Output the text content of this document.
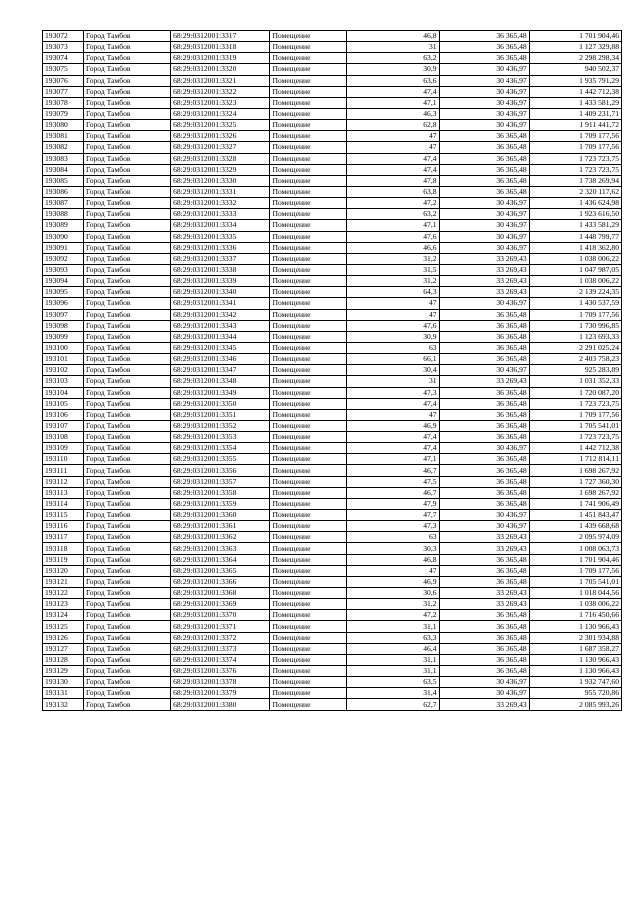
193072	Город Тамбов	68:29:0312001:3317	Помещение	46,8	36 365,48	1 701 904,46
193073	Город Тамбов	68:29:0312001:3318	Помещение	31	36 365,48	1 127 329,88
193074	Город Тамбов	68:29:0312001:3319	Помещение	63,2	36 365,48	2 298 298,34
193075	Город Тамбов	68:29:0312001:3320	Помещение	30,9	30 436,97	940 502,37
193076	Город Тамбов	68:29:0312001:3321	Помещение	63,6	30 436,97	1 935 791,29
193077	Город Тамбов	68:29:0312001:3322	Помещение	47,4	30 436,97	1 442 712,38
193078	Город Тамбов	68:29:0312001:3323	Помещение	47,1	30 436,97	1 433 581,29
193079	Город Тамбов	68:29:0312001:3324	Помещение	46,3	30 436,97	1 409 231,71
193080	Город Тамбов	68:29:0312001:3325	Помещение	62,8	30 436,97	1 911 441,72
193081	Город Тамбов	68:29:0312001:3326	Помещение	47	36 365,48	1 709 177,56
193082	Город Тамбов	68:29:0312001:3327	Помещение	47	36 365,48	1 709 177,56
193083	Город Тамбов	68:29:0312001:3328	Помещение	47,4	36 365,48	1 723 723,75
193084	Город Тамбов	68:29:0312001:3329	Помещение	47,4	36 365,48	1 723 723,75
193085	Город Тамбов	68:29:0312001:3330	Помещение	47,8	36 365,48	1 738 269,94
193086	Город Тамбов	68:29:0312001:3331	Помещение	63,8	36 365,48	2 320 117,62
193087	Город Тамбов	68:29:0312001:3332	Помещение	47,2	30 436,97	1 436 624,98
193088	Город Тамбов	68:29:0312001:3333	Помещение	63,2	30 436,97	1 923 616,50
193089	Город Тамбов	68:29:0312001:3334	Помещение	47,1	30 436,97	1 433 581,29
193090	Город Тамбов	68:29:0312001:3335	Помещение	47,6	30 436,97	1 448 799,77
193091	Город Тамбов	68:29:0312001:3336	Помещение	46,6	30 436,97	1 418 362,80
193092	Город Тамбов	68:29:0312001:3337	Помещение	31,2	33 269,43	1 038 006,22
193093	Город Тамбов	68:29:0312001:3338	Помещение	31,5	33 269,43	1 047 987,05
193094	Город Тамбов	68:29:0312001:3339	Помещение	31,2	33 269,43	1 038 006,22
193095	Город Тамбов	68:29:0312001:3340	Помещение	64,3	33 269,43	2 139 224,35
193096	Город Тамбов	68:29:0312001:3341	Помещение	47	30 436,97	1 430 537,59
193097	Город Тамбов	68:29:0312001:3342	Помещение	47	36 365,48	1 709 177,56
193098	Город Тамбов	68:29:0312001:3343	Помещение	47,6	36 365,48	1 730 996,85
193099	Город Тамбов	68:29:0312001:3344	Помещение	30,9	36 365,48	1 123 693,33
193100	Город Тамбов	68:29:0312001:3345	Помещение	63	36 365,48	2 291 025,24
193101	Город Тамбов	68:29:0312001:3346	Помещение	66,1	36 365,48	2 403 758,23
193102	Город Тамбов	68:29:0312001:3347	Помещение	30,4	30 436,97	925 283,89
193103	Город Тамбов	68:29:0312001:3348	Помещение	31	33 269,43	1 031 352,33
193104	Город Тамбов	68:29:0312001:3349	Помещение	47,3	36 365,48	1 720 087,20
193105	Город Тамбов	68:29:0312001:3350	Помещение	47,4	36 365,48	1 723 723,75
193106	Город Тамбов	68:29:0312001:3351	Помещение	47	36 365,48	1 709 177,56
193107	Город Тамбов	68:29:0312001:3352	Помещение	46,9	36 365,48	1 705 541,01
193108	Город Тамбов	68:29:0312001:3353	Помещение	47,4	36 365,48	1 723 723,75
193109	Город Тамбов	68:29:0312001:3354	Помещение	47,4	30 436,97	1 442 712,38
193110	Город Тамбов	68:29:0312001:3355	Помещение	47,1	36 365,48	1 712 814,11
193111	Город Тамбов	68:29:0312001:3356	Помещение	46,7	36 365,48	1 698 267,92
193112	Город Тамбов	68:29:0312001:3357	Помещение	47,5	36 365,48	1 727 360,30
193113	Город Тамбов	68:29:0312001:3358	Помещение	46,7	36 365,48	1 698 267,92
193114	Город Тамбов	68:29:0312001:3359	Помещение	47,9	36 365,48	1 741 906,49
193115	Город Тамбов	68:29:0312001:3360	Помещение	47,7	30 436,97	1 451 843,47
193116	Город Тамбов	68:29:0312001:3361	Помещение	47,3	30 436,97	1 439 668,68
193117	Город Тамбов	68:29:0312001:3362	Помещение	63	33 269,43	2 095 974,09
193118	Город Тамбов	68:29:0312001:3363	Помещение	30,3	33 269,43	1 008 063,73
193119	Город Тамбов	68:29:0312001:3364	Помещение	46,8	36 365,48	1 701 904,46
193120	Город Тамбов	68:29:0312001:3365	Помещение	47	36 365,48	1 709 177,56
193121	Город Тамбов	68:29:0312001:3366	Помещение	46,9	36 365,48	1 705 541,01
193122	Город Тамбов	68:29:0312001:3368	Помещение	30,6	33 269,43	1 018 044,56
193123	Город Тамбов	68:29:0312001:3369	Помещение	31,2	33 269,43	1 038 006,22
193124	Город Тамбов	68:29:0312001:3370	Помещение	47,2	36 365,48	1 716 450,66
193125	Город Тамбов	68:29:0312001:3371	Помещение	31,1	36 365,48	1 130 966,43
193126	Город Тамбов	68:29:0312001:3372	Помещение	63,3	36 365,48	2 301 934,88
193127	Город Тамбов	68:29:0312001:3373	Помещение	46,4	36 365,48	1 687 358,27
193128	Город Тамбов	68:29:0312001:3374	Помещение	31,1	36 365,48	1 130 966,43
193129	Город Тамбов	68:29:0312001:3376	Помещение	31,1	36 365,48	1 130 966,43
193130	Город Тамбов	68:29:0312001:3378	Помещение	63,5	30 436,97	1 932 747,60
193131	Город Тамбов	68:29:0312001:3379	Помещение	31,4	30 436,97	955 720,86
193132	Город Тамбов	68:29:0312001:3380	Помещение	62,7	33 269,43	2 085 993,26
